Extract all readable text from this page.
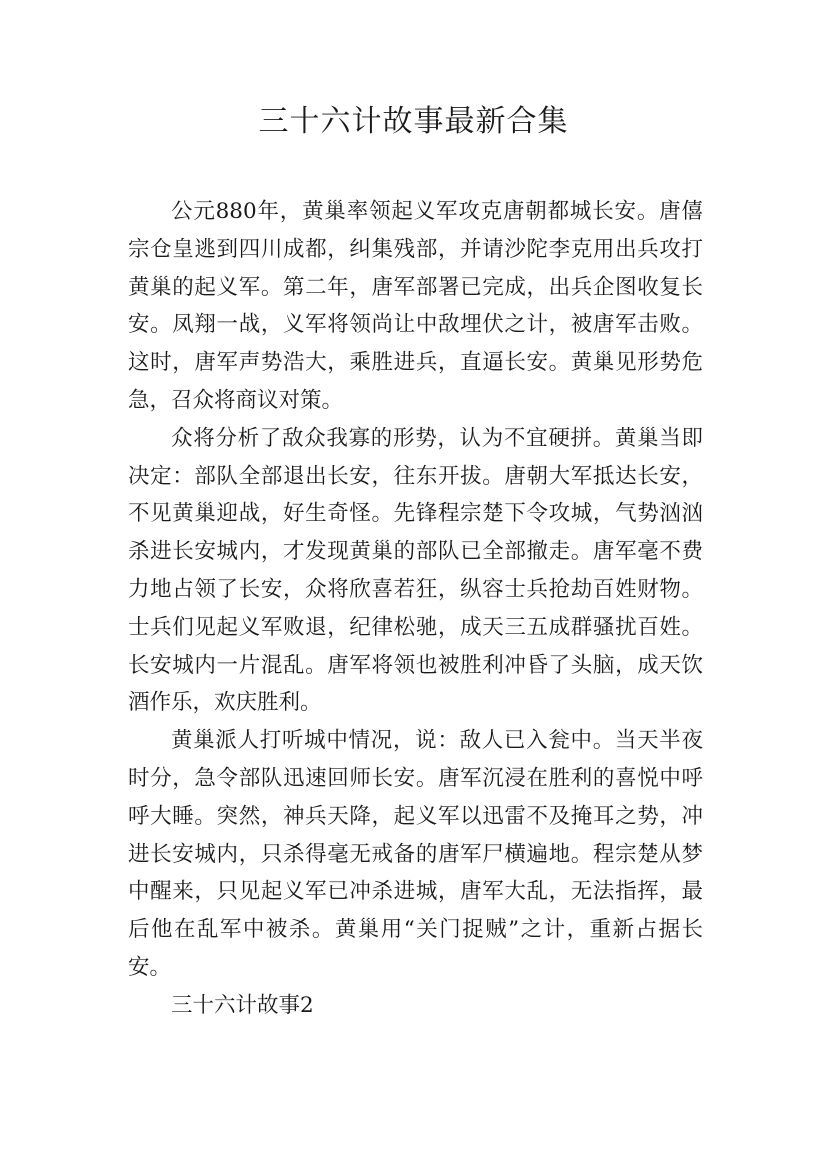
三十六计故事最新合集

公元880年，黄巢率领起义军攻克唐朝都城长安。唐僖宗仓皇逃到四川成都，纠集残部，并请沙陀李克用出兵攻打黄巢的起义军。第二年，唐军部署已完成，出兵企图收复长安。凤翔一战，义军将领尚让中敌埋伏之计，被唐军击败。这时，唐军声势浩大，乘胜进兵，直逼长安。黄巢见形势危急，召众将商议对策。

众将分析了敌众我寡的形势，认为不宜硬拼。黄巢当即决定：部队全部退出长安，往东开拔。唐朝大军抵达长安，不见黄巢迎战，好生奇怪。先锋程宗楚下令攻城，气势汹汹杀进长安城内，才发现黄巢的部队已全部撤走。唐军毫不费力地占领了长安，众将欣喜若狂，纵容士兵抢劫百姓财物。士兵们见起义军败退，纪律松驰，成天三五成群骚扰百姓。长安城内一片混乱。唐军将领也被胜利冲昏了头脑，成天饮酒作乐，欢庆胜利。

黄巢派人打听城中情况，说：敌人已入瓮中。当天半夜时分，急令部队迅速回师长安。唐军沉浸在胜利的喜悦中呼呼大睡。突然，神兵天降，起义军以迅雷不及掩耳之势，冲进长安城内，只杀得毫无戒备的唐军尸横遍地。程宗楚从梦中醒来，只见起义军已冲杀进城，唐军大乱，无法指挥，最后他在乱军中被杀。黄巢用“关门捉贼”之计，重新占据长安。

三十六计故事2
